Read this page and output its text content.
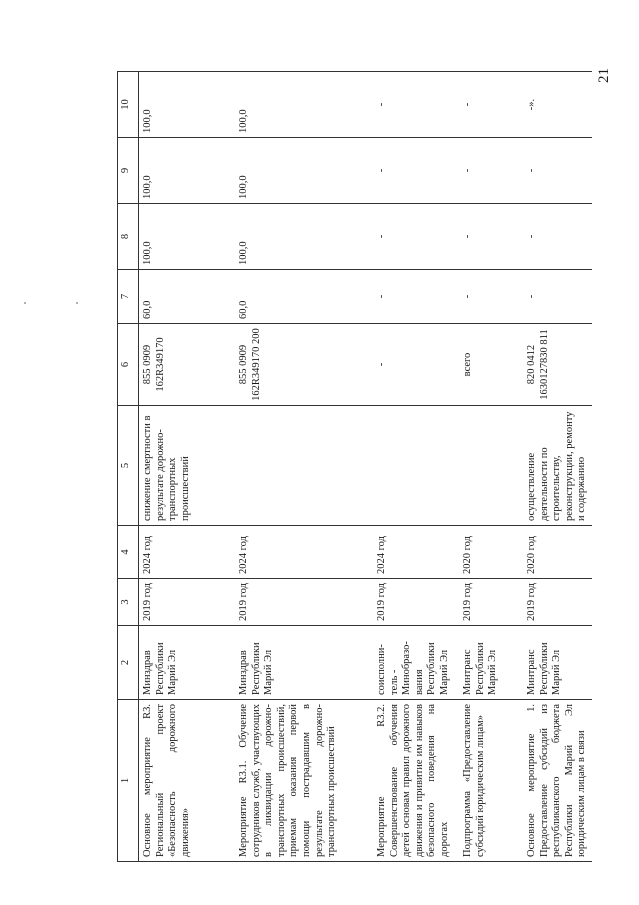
21
1	2	3	4	5	6	7	8	9	10
Основное мероприятие R3. Региональный проект «Безопасность дорожного движения»	Минздрав Республики Марий Эл	2019 год	2024 год	снижение смертности в результате дорожно-транспортных происшествий	855 0909 162R349170	60,0	100,0	100,0	100,0
Мероприятие R3.1. Обучение сотрудников служб, участвующих в ликвидации дорожно-транспортных происшествий, приемам оказания первой помощи пострадавшим в результате дорожно-транспортных происшествий	Минздрав Республики Марий Эл	2019 год	2024 год		855 0909 162R349170 200	60,0	100,0	100,0	100,0
Мероприятие R3.2. Совершенствование обучения детей основам правил дорожного движения и привитие им навыков безопасного поведения на дорогах	соисполни-тель - Минобразо-вания Республики Марий Эл	2019 год	2024 год		-	-	-	-	-
Подпрограмма «Предоставление субсидий юридическим лицам»	Минтранс Республики Марий Эл	2019 год	2020 год		всего	-	-	-	-
Основное мероприятие 1. Предоставление субсидий из республиканского бюджета Республики Марий Эл юридическим лицам в связи	Минтранс Республики Марий Эл	2019 год	2020 год	осуществление деятельности по строительству, реконструкции, ремонту и содержанию	820 0412 1630127830 811	-	-	-	-».
